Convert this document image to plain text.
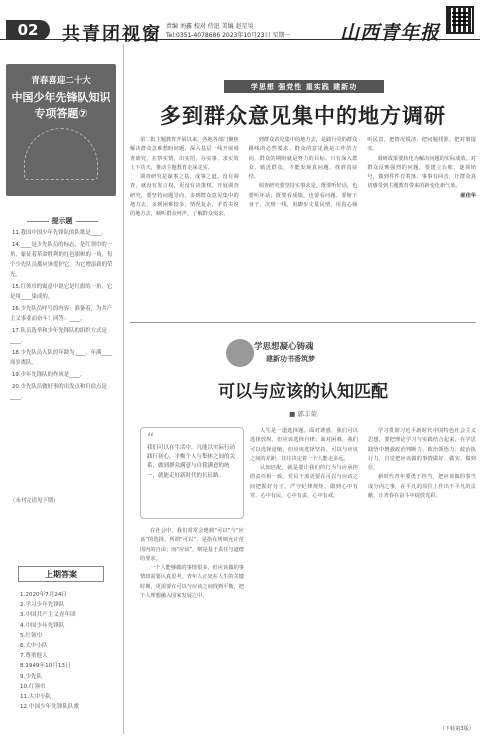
02	共青团视窗 责编 刘鑫 校对 侍迅 美编 赵星昊
Tel:0351-4078686 2023年10月23日 星期一	山西青年报
青春喜迎二十大
中国少年先锋队知识专项答题⑦
提示题

11.我国中国少年先锋队的队歌是____。

14.____是少先队员的标志，是红领巾的一角，象征着革命胜利的红色旗帜的一角，每个少先队员都应该爱护它。为它增添新的荣光。

15.红领巾的寓意中说它是红旗的一角，它是用____染成的。

16.少先队员呼号的内容：准备着，为共产主义事业而奋斗！回答：____。

17.队员选举和少年先锋队的组织方式是____。

18.少先队员入队的年龄为____，年满____周岁离队。

19.少年先锋队的作风是____。

20.少先队员做好事的出发点和归宿点是____。

（未刊完请见下期）
上期答案
1.2020年7月24日
2.学习少年先锋队
3.中国共产主义青年团
4.中国少年先锋队
5.红领巾
6.大中小队
7.尊重他人
8.1949年10月13日
9.少先队
10.红领巾
11.大中小队
12.中国少年先锋队队歌
学思想 强党性 重实践 建新功
多到群众意见集中的地方调研

第二批主题教育开展以来，各地各部门聚焦解决群众急难愁盼问题，深入基层一线开展调查研究，在察实情、出实招、办实事、求实效上下功夫，推动主题教育走深走实。

调查研究是谋事之基、成事之道。没有调查，就没有发言权，更没有决策权。开展调查研究，要坚持问题导向，多到群众意见集中的地方去，多到困难较多、情况复杂、矛盾尖锐的地方去，倾听群众呼声，了解群众需求。

到群众意见集中的地方去，是践行党的群众路线的必然要求。群众的意见就是工作的方向，群众的期盼就是努力的目标。只有深入群众、贴近群众，才能发现真问题、找准真症结。

调查研究要坚持实事求是，既要听好话，也要听坏话；既要看成绩，也要看问题。要俯下身子、沉到一线，用脚步丈量民情，用真心倾听民意，把情况摸清、把问题找准、把对策提实。

调研成果要转化为解决问题的实际成效。对群众反映强烈的问题，要建立台账、逐项销号，做到件件有着落、事事有回音，让群众真切感受到主题教育带来的新变化新气象。

郝佳华
学思想凝心铸魂
建新功书香筑梦
可以与应该的认知匹配
■ 郭丰荣
“
我们可以在生活中，凡能以实际行动践行初心，平衡个人与集体之间的关系，做到群众满意与自我满意的统一，就能走好新时代的长征路。

在社会中，我们常常会遇到“可以”与“应该”的选择。所谓“可以”，是指在规则允许范围内的自由；而“应该”，则是基于责任与道德的要求。

一个人能够做的事情很多，但应该做的事情却需要认真思考。青年人正处在人生的关键时期，更需要在可以与应该之间找到平衡，把个人理想融入国家发展之中。

人生是一道选择题。面对诱惑，我们可以选择放纵，但应该选择自律；面对困难，我们可以选择退缩，但应该选择坚持。可以与应该之间的差距，往往决定着一个人能走多远。

认知匹配，就是要让我们的行为与应承担的责任相一致。党员干部更要在可以与应该之间把握好分寸，严守纪律规矩，做到心中有党、心中有民、心中有责、心中有戒。

学习贯彻习近平新时代中国特色社会主义思想，要把理论学习与实践结合起来，在学思践悟中增强政治判断力、政治领悟力、政治执行力，自觉把应该做的事情做好、做实、做到位。

新时代青年要勇于担当，把应该做的事当成分内之事，在平凡的岗位上作出不平凡的贡献，让青春在奋斗中绽放光彩。

（下转第3版）
